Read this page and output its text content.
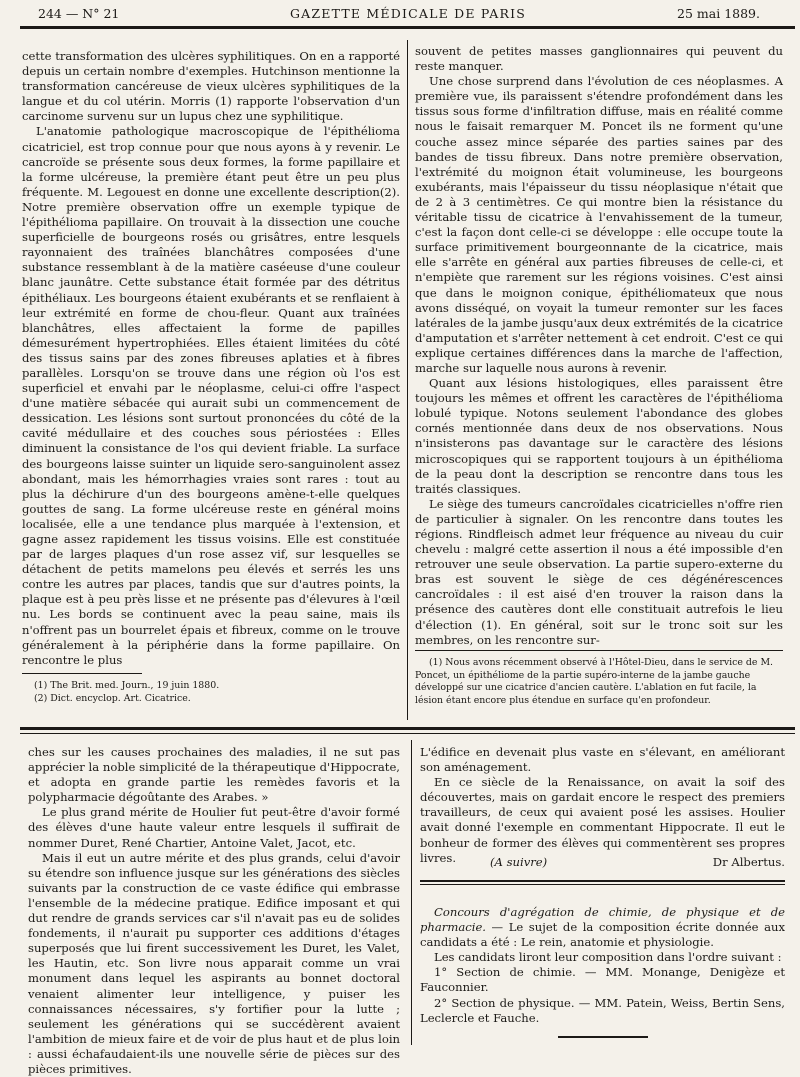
244 — N° 21	GAZETTE MÉDICALE DE PARIS	25 mai 1889.

cette transformation des ulcères syphilitiques. On en a rapporté depuis un certain nombre d'exemples. Hutchinson mentionne la transformation cancéreuse de vieux ulcères syphilitiques de la langue et du col utérin. Morris (1) rapporte l'observation d'un carcinome survenu sur un lupus chez une syphilitique.

L'anatomie pathologique macroscopique de l'épithélioma cicatriciel, est trop connue pour que nous ayons à y revenir. Le cancroïde se présente sous deux formes, la forme papillaire et la forme ulcéreuse, la première étant peut être un peu plus fréquente. M. Legouest en donne une excellente description(2). Notre première observation offre un exemple typique de l'épithélioma papillaire. On trouvait à la dissection une couche superficielle de bourgeons rosés ou grisâtres, entre lesquels rayonnaient des traînées blanchâtres composées d'une substance ressemblant à de la matière caséeuse d'une couleur blanc jaunâtre. Cette substance était formée par des détritus épithéliaux. Les bourgeons étaient exubérants et se renflaient à leur extrémité en forme de chou-fleur. Quant aux traînées blanchâtres, elles affectaient la forme de papilles démesurément hypertrophiées. Elles étaient limitées du côté des tissus sains par des zones fibreuses aplaties et à fibres parallèles. Lorsqu'on se trouve dans une région où l'os est superficiel et envahi par le néoplasme, celui-ci offre l'aspect d'une matière sébacée qui aurait subi un commencement de dessication. Les lésions sont surtout prononcées du côté de la cavité médullaire et des couches sous périostées : Elles diminuent la consistance de l'os qui devient friable. La surface des bourgeons laisse suinter un liquide sero-sanguinolent assez abondant, mais les hémorrhagies vraies sont rares : tout au plus la déchirure d'un des bourgeons amène-t-elle quelques gouttes de sang. La forme ulcéreuse reste en général moins localisée, elle a une tendance plus marquée à l'extension, et gagne assez rapidement les tissus voisins. Elle est constituée par de larges plaques d'un rose assez vif, sur lesquelles se détachent de petits mamelons peu élevés et serrés les uns contre les autres par places, tandis que sur d'autres points, la plaque est à peu près lisse et ne présente pas d'élevures à l'œil nu. Les bords se continuent avec la peau saine, mais ils n'offrent pas un bourrelet épais et fibreux, comme on le trouve généralement à la périphérie dans la forme papillaire. On rencontre le plus

(1) The Brit. med. Journ., 19 juin 1880.

(2) Dict. encyclop. Art. Cicatrice.

souvent de petites masses ganglionnaires qui peuvent du reste manquer.

Une chose surprend dans l'évolution de ces néoplasmes. A première vue, ils paraissent s'étendre profondément dans les tissus sous forme d'infiltration diffuse, mais en réalité comme nous le faisait remarquer M. Poncet ils ne forment qu'une couche assez mince séparée des parties saines par des bandes de tissu fibreux. Dans notre première observation, l'extrémité du moignon était volumineuse, les bourgeons exubérants, mais l'épaisseur du tissu néoplasique n'était que de 2 à 3 centimètres. Ce qui montre bien la résistance du véritable tissu de cicatrice à l'envahissement de la tumeur, c'est la façon dont celle-ci se développe : elle occupe toute la surface primitivement bourgeonnante de la cicatrice, mais elle s'arrête en général aux parties fibreuses de celle-ci, et n'empiète que rarement sur les régions voisines. C'est ainsi que dans le moignon conique, épithéliomateux que nous avons disséqué, on voyait la tumeur remonter sur les faces latérales de la jambe jusqu'aux deux extrémités de la cicatrice d'amputation et s'arrêter nettement à cet endroit. C'est ce qui explique certaines différences dans la marche de l'affection, marche sur laquelle nous aurons à revenir.

Quant aux lésions histologiques, elles paraissent être toujours les mêmes et offrent les caractères de l'épithélioma lobulé typique. Notons seulement l'abondance des globes cornés mentionnée dans deux de nos observations. Nous n'insisterons pas davantage sur le caractère des lésions microscopiques qui se rapportent toujours à un épithélioma de la peau dont la description se rencontre dans tous les traités classiques.

Le siège des tumeurs cancroïdales cicatricielles n'offre rien de particulier à signaler. On les rencontre dans toutes les régions. Rindfleisch admet leur fréquence au niveau du cuir chevelu : malgré cette assertion il nous a été impossible d'en retrouver une seule observation. La partie supero-externe du bras est souvent le siège de ces dégénérescences cancroïdales : il est aisé d'en trouver la raison dans la présence des cautères dont elle constituait autrefois le lieu d'élection (1). En général, soit sur le tronc soit sur les membres, on les rencontre sur-

(1) Nous avons récemment observé à l'Hôtel-Dieu, dans le service de M. Poncet, un épithéliome de la partie supéro-interne de la jambe gauche développé sur une cicatrice d'ancien cautère. L'ablation en fut facile, la lésion étant encore plus étendue en surface qu'en profondeur.

ches sur les causes prochaines des maladies, il ne sut pas apprécier la noble simplicité de la thérapeutique d'Hippocrate, et adopta en grande partie les remèdes favoris et la polypharmacie dégoûtante des Arabes. »

Le plus grand mérite de Houlier fut peut-être d'avoir formé des élèves d'une haute valeur entre lesquels il suffirait de nommer Duret, René Chartier, Antoine Valet, Jacot, etc.

Mais il eut un autre mérite et des plus grands, celui d'avoir su étendre son influence jusque sur les générations des siècles suivants par la construction de ce vaste édifice qui embrasse l'ensemble de la médecine pratique. Edifice imposant et qui dut rendre de grands services car s'il n'avait pas eu de solides fondements, il n'aurait pu supporter ces additions d'étages superposés que lui firent successivement les Duret, les Valet, les Hautin, etc. Son livre nous apparait comme un vrai monument dans lequel les aspirants au bonnet doctoral venaient alimenter leur intelligence, y puiser les connaissances nécessaires, s'y fortifier pour la lutte ; seulement les générations qui se succédèrent avaient l'ambition de mieux faire et de voir de plus haut et de plus loin : aussi échafaudaient-ils une nouvelle série de pièces sur des pièces primitives.

L'édifice en devenait plus vaste en s'élevant, en améliorant son aménagement.

En ce siècle de la Renaissance, on avait la soif des découvertes, mais on gardait encore le respect des premiers travailleurs, de ceux qui avaient posé les assises. Houlier avait donné l'exemple en commentant Hippocrate. Il eut le bonheur de former des élèves qui commentèrent ses propres livres.	(A suivre)	Dr Albertus.

Concours d'agrégation de chimie, de physique et de pharmacie. — Le sujet de la composition écrite donnée aux candidats a été : Le rein, anatomie et physiologie.

Les candidats liront leur composition dans l'ordre suivant :

1° Section de chimie. — MM. Monange, Denigèze et Fauconnier.

2° Section de physique. — MM. Patein, Weiss, Bertin Sens, Leclercle et Fauche.
